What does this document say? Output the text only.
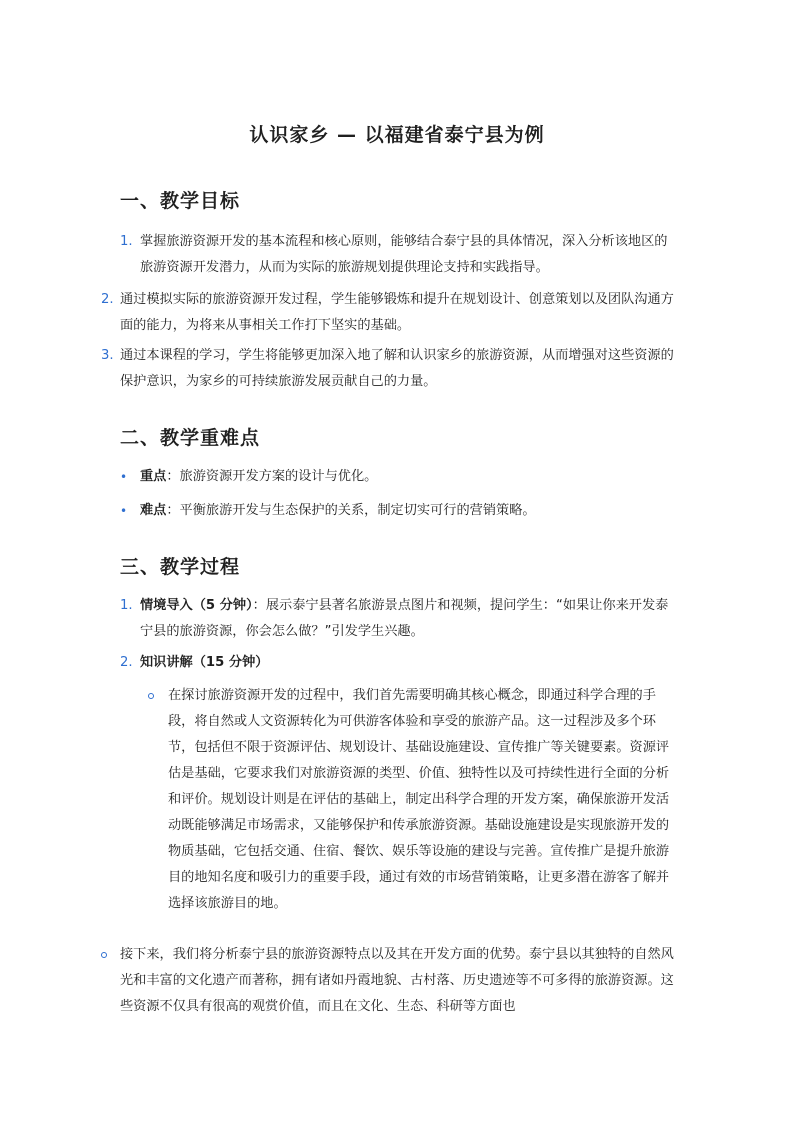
认识家乡 — 以福建省泰宁县为例
一、教学目标
1. 掌握旅游资源开发的基本流程和核心原则，能够结合泰宁县的具体情况，深入分析该地区的旅游资源开发潜力，从而为实际的旅游规划提供理论支持和实践指导。

2. 通过模拟实际的旅游资源开发过程，学生能够锻炼和提升在规划设计、创意策划以及团队沟通方面的能力，为将来从事相关工作打下坚实的基础。

3. 通过本课程的学习，学生将能够更加深入地了解和认识家乡的旅游资源，从而增强对这些资源的保护意识，为家乡的可持续旅游发展贡献自己的力量。

二、教学重难点
• 重点：旅游资源开发方案的设计与优化。

• 难点：平衡旅游开发与生态保护的关系，制定切实可行的营销策略。

三、教学过程
1. 情境导入（5 分钟）：展示泰宁县著名旅游景点图片和视频，提问学生：“如果让你来开发泰宁县的旅游资源，你会怎么做？”引发学生兴趣。

2. 知识讲解（15 分钟）

在探讨旅游资源开发的过程中，我们首先需要明确其核心概念，即通过科学合理的手段，将自然或人文资源转化为可供游客体验和享受的旅游产品。这一过程涉及多个环节，包括但不限于资源评估、规划设计、基础设施建设、宣传推广等关键要素。资源评估是基础，它要求我们对旅游资源的类型、价值、独特性以及可持续性进行全面的分析和评价。规划设计则是在评估的基础上，制定出科学合理的开发方案，确保旅游开发活动既能够满足市场需求，又能够保护和传承旅游资源。基础设施建设是实现旅游开发的物质基础，它包括交通、住宿、餐饮、娱乐等设施的建设与完善。宣传推广是提升旅游目的地知名度和吸引力的重要手段，通过有效的市场营销策略，让更多潜在游客了解并选择该旅游目的地。

接下来，我们将分析泰宁县的旅游资源特点以及其在开发方面的优势。泰宁县以其独特的自然风光和丰富的文化遗产而著称，拥有诸如丹霞地貌、古村落、历史遗迹等不可多得的旅游资源。这些资源不仅具有很高的观赏价值，而且在文化、生态、科研等方面也
